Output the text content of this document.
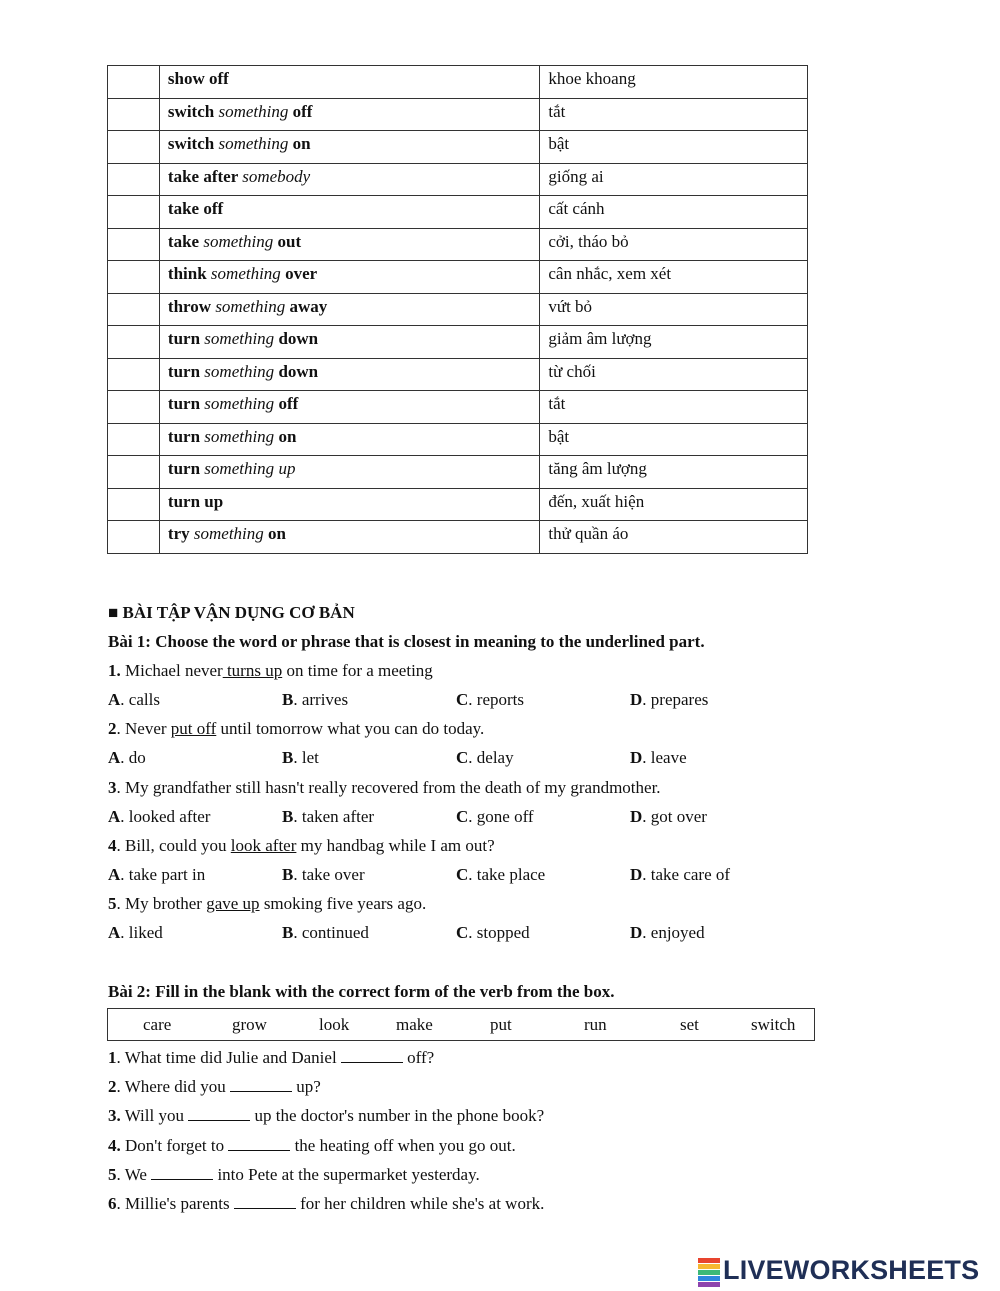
	show off	khoe khoang
	switch something off	tắt
	switch something on	bật
	take after somebody	giống ai
	take off	cất cánh
	take something out	cởi, tháo bỏ
	think something over	cân nhắc, xem xét
	throw something away	vứt bỏ
	turn something down	giảm âm lượng
	turn something down	từ chối
	turn something off	tắt
	turn something on	bật
	turn something up	tăng âm lượng
	turn up	đến, xuất hiện
	try something on	thử quần áo
■ BÀI TẬP VẬN DỤNG CƠ BẢN
Bài 1: Choose the word or phrase that is closest in meaning to the underlined part.
1. Michael never turns up on time for a meeting
A. calls	B. arrives	C. reports	D. prepares
2. Never put off until tomorrow what you can do today.
A. do	B. let	C. delay	D. leave
3. My grandfather still hasn't really recovered from the death of my grandmother.
A. looked after	B. taken after	C. gone off	D. got over
4. Bill, could you look after my handbag while I am out?
A. take part in	B. take over	C. take place	D. take care of
5. My brother gave up smoking five years ago.
A. liked	B. continued	C. stopped	D. enjoyed
Bài 2: Fill in the blank with the correct form of the verb from the box.
care	grow	look	make	put	run	set	switch
1. What time did Julie and Daniel	off?
2. Where did you	up?
3. Will you	up the doctor's number in the phone book?
4. Don't forget to	the heating off when you go out.
5. We	into Pete at the supermarket yesterday.
6. Millie's parents	for her children while she's at work.
LIVEWORKSHEETS
